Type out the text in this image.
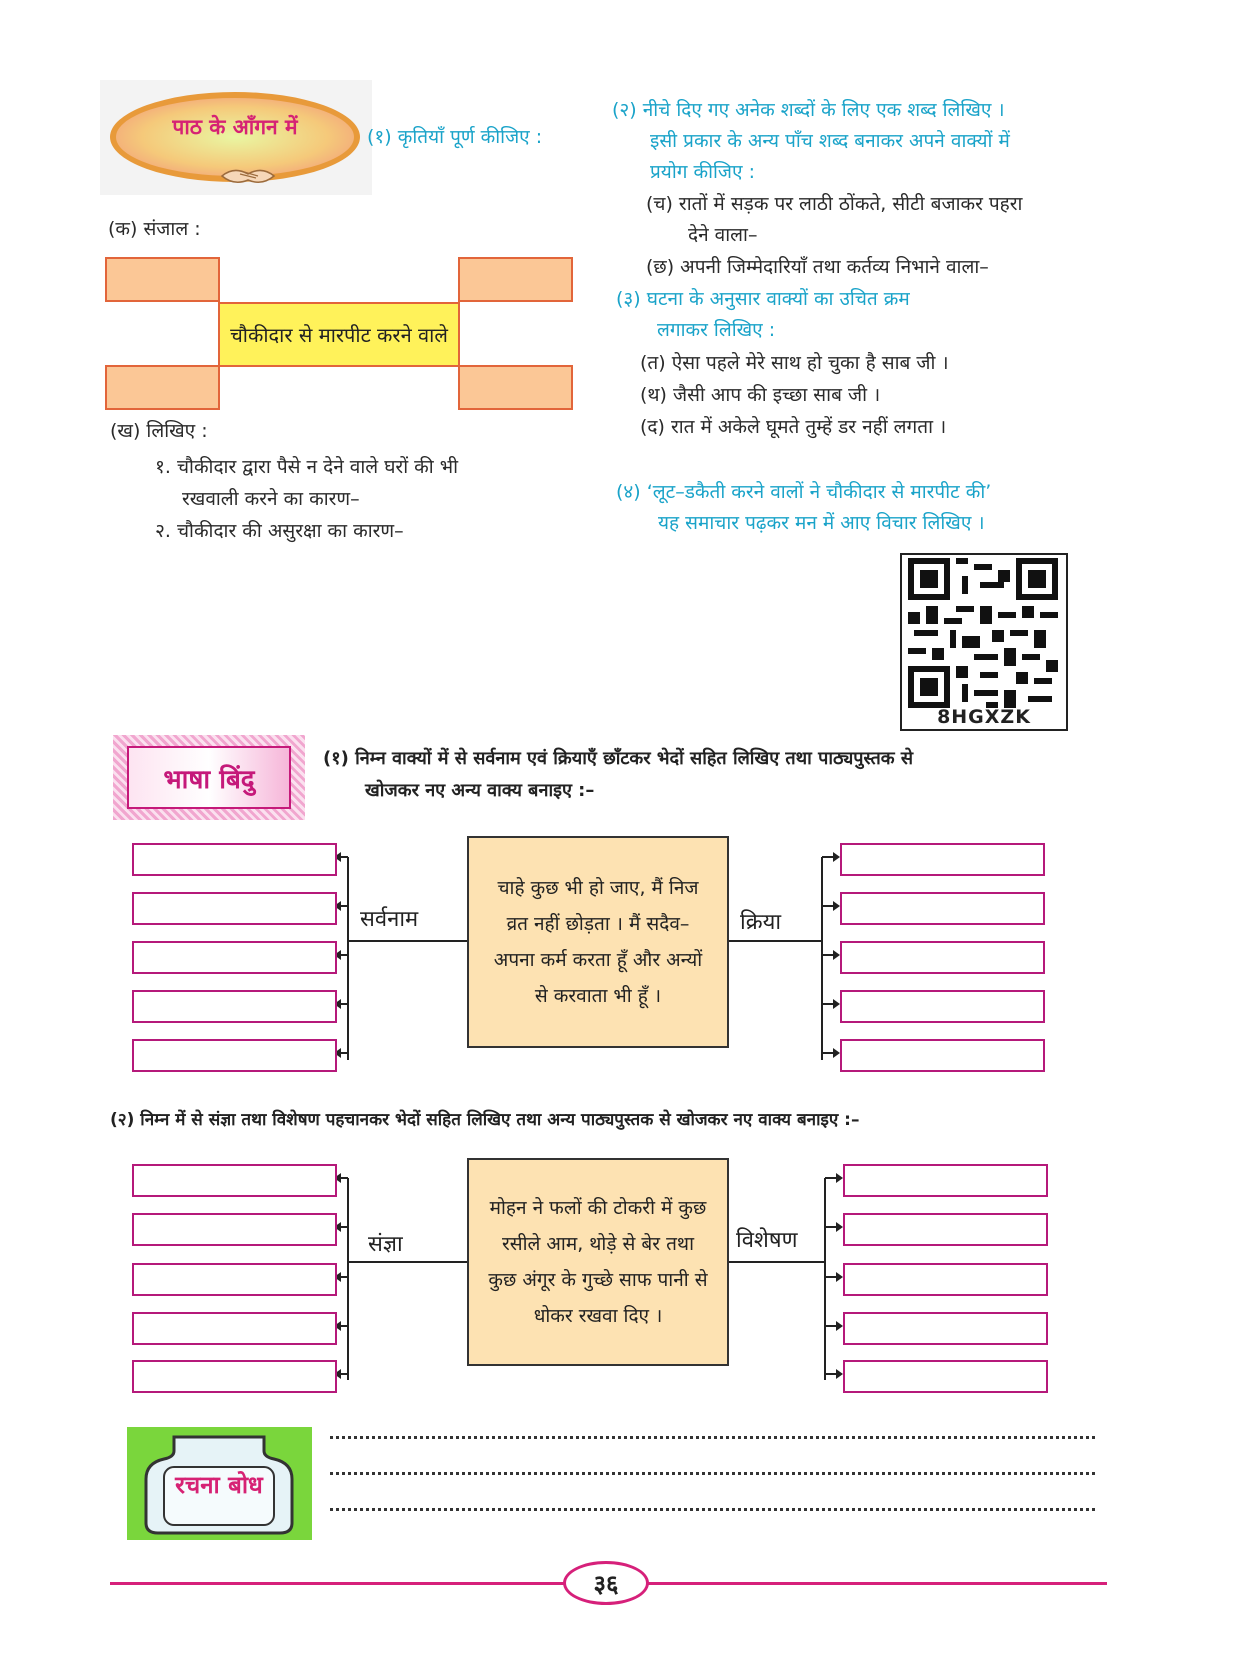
पाठ के आँगन में	(१) कृतियाँ पूर्ण कीजिए :
(क) संजाल :
चौकीदार से मारपीट करने वाले
(ख) लिखिए :
१. चौकीदार द्वारा पैसे न देने वाले घरों की भी
रखवाली करने का कारण–
२. चौकीदार की असुरक्षा का कारण–
(२) नीचे दिए गए अनेक शब्दों के लिए एक शब्द लिखिए ।
इसी प्रकार के अन्य पाँच शब्द बनाकर अपने वाक्यों में
प्रयोग कीजिए :
(च) रातों में सड़क पर लाठी ठोंकते, सीटी बजाकर पहरा
देने वाला–
(छ) अपनी जिम्मेदारियाँ तथा कर्तव्य निभाने वाला–
(३) घटना के अनुसार वाक्यों का उचित क्रम
लगाकर लिखिए :
(त) ऐसा पहले मेरे साथ हो चुका है साब जी ।
(थ) जैसी आप की इच्छा साब जी ।
(द) रात में अकेले घूमते तुम्हें डर नहीं लगता ।
(४) ‘लूट–डकैती करने वालों ने चौकीदार से मारपीट की’
यह समाचार पढ़कर मन में आए विचार लिखिए ।
8HGXZK
भाषा बिंदु
(१) निम्न वाक्यों में से सर्वनाम एवं क्रियाएँ छाँटकर भेदों सहित लिखिए तथा पाठ्यपुस्तक से
खोजकर नए अन्य वाक्य बनाइए :–
सर्वनाम
चाहे कुछ भी हो जाए, मैं निज
व्रत नहीं छोड़ता । मैं सदैव–
अपना कर्म करता हूँ और अन्यों
से करवाता भी हूँ ।
क्रिया
(२) निम्न में से संज्ञा तथा विशेषण पहचानकर भेदों सहित लिखिए तथा अन्य पाठ्यपुस्तक से खोजकर नए वाक्य बनाइए :–
संज्ञा
मोहन ने फलों की टोकरी में कुछ
रसीले आम, थोड़े से बेर तथा
कुछ अंगूर के गुच्छे साफ पानी से
धोकर रखवा दिए ।
विशेषण
रचना बोध
३६
